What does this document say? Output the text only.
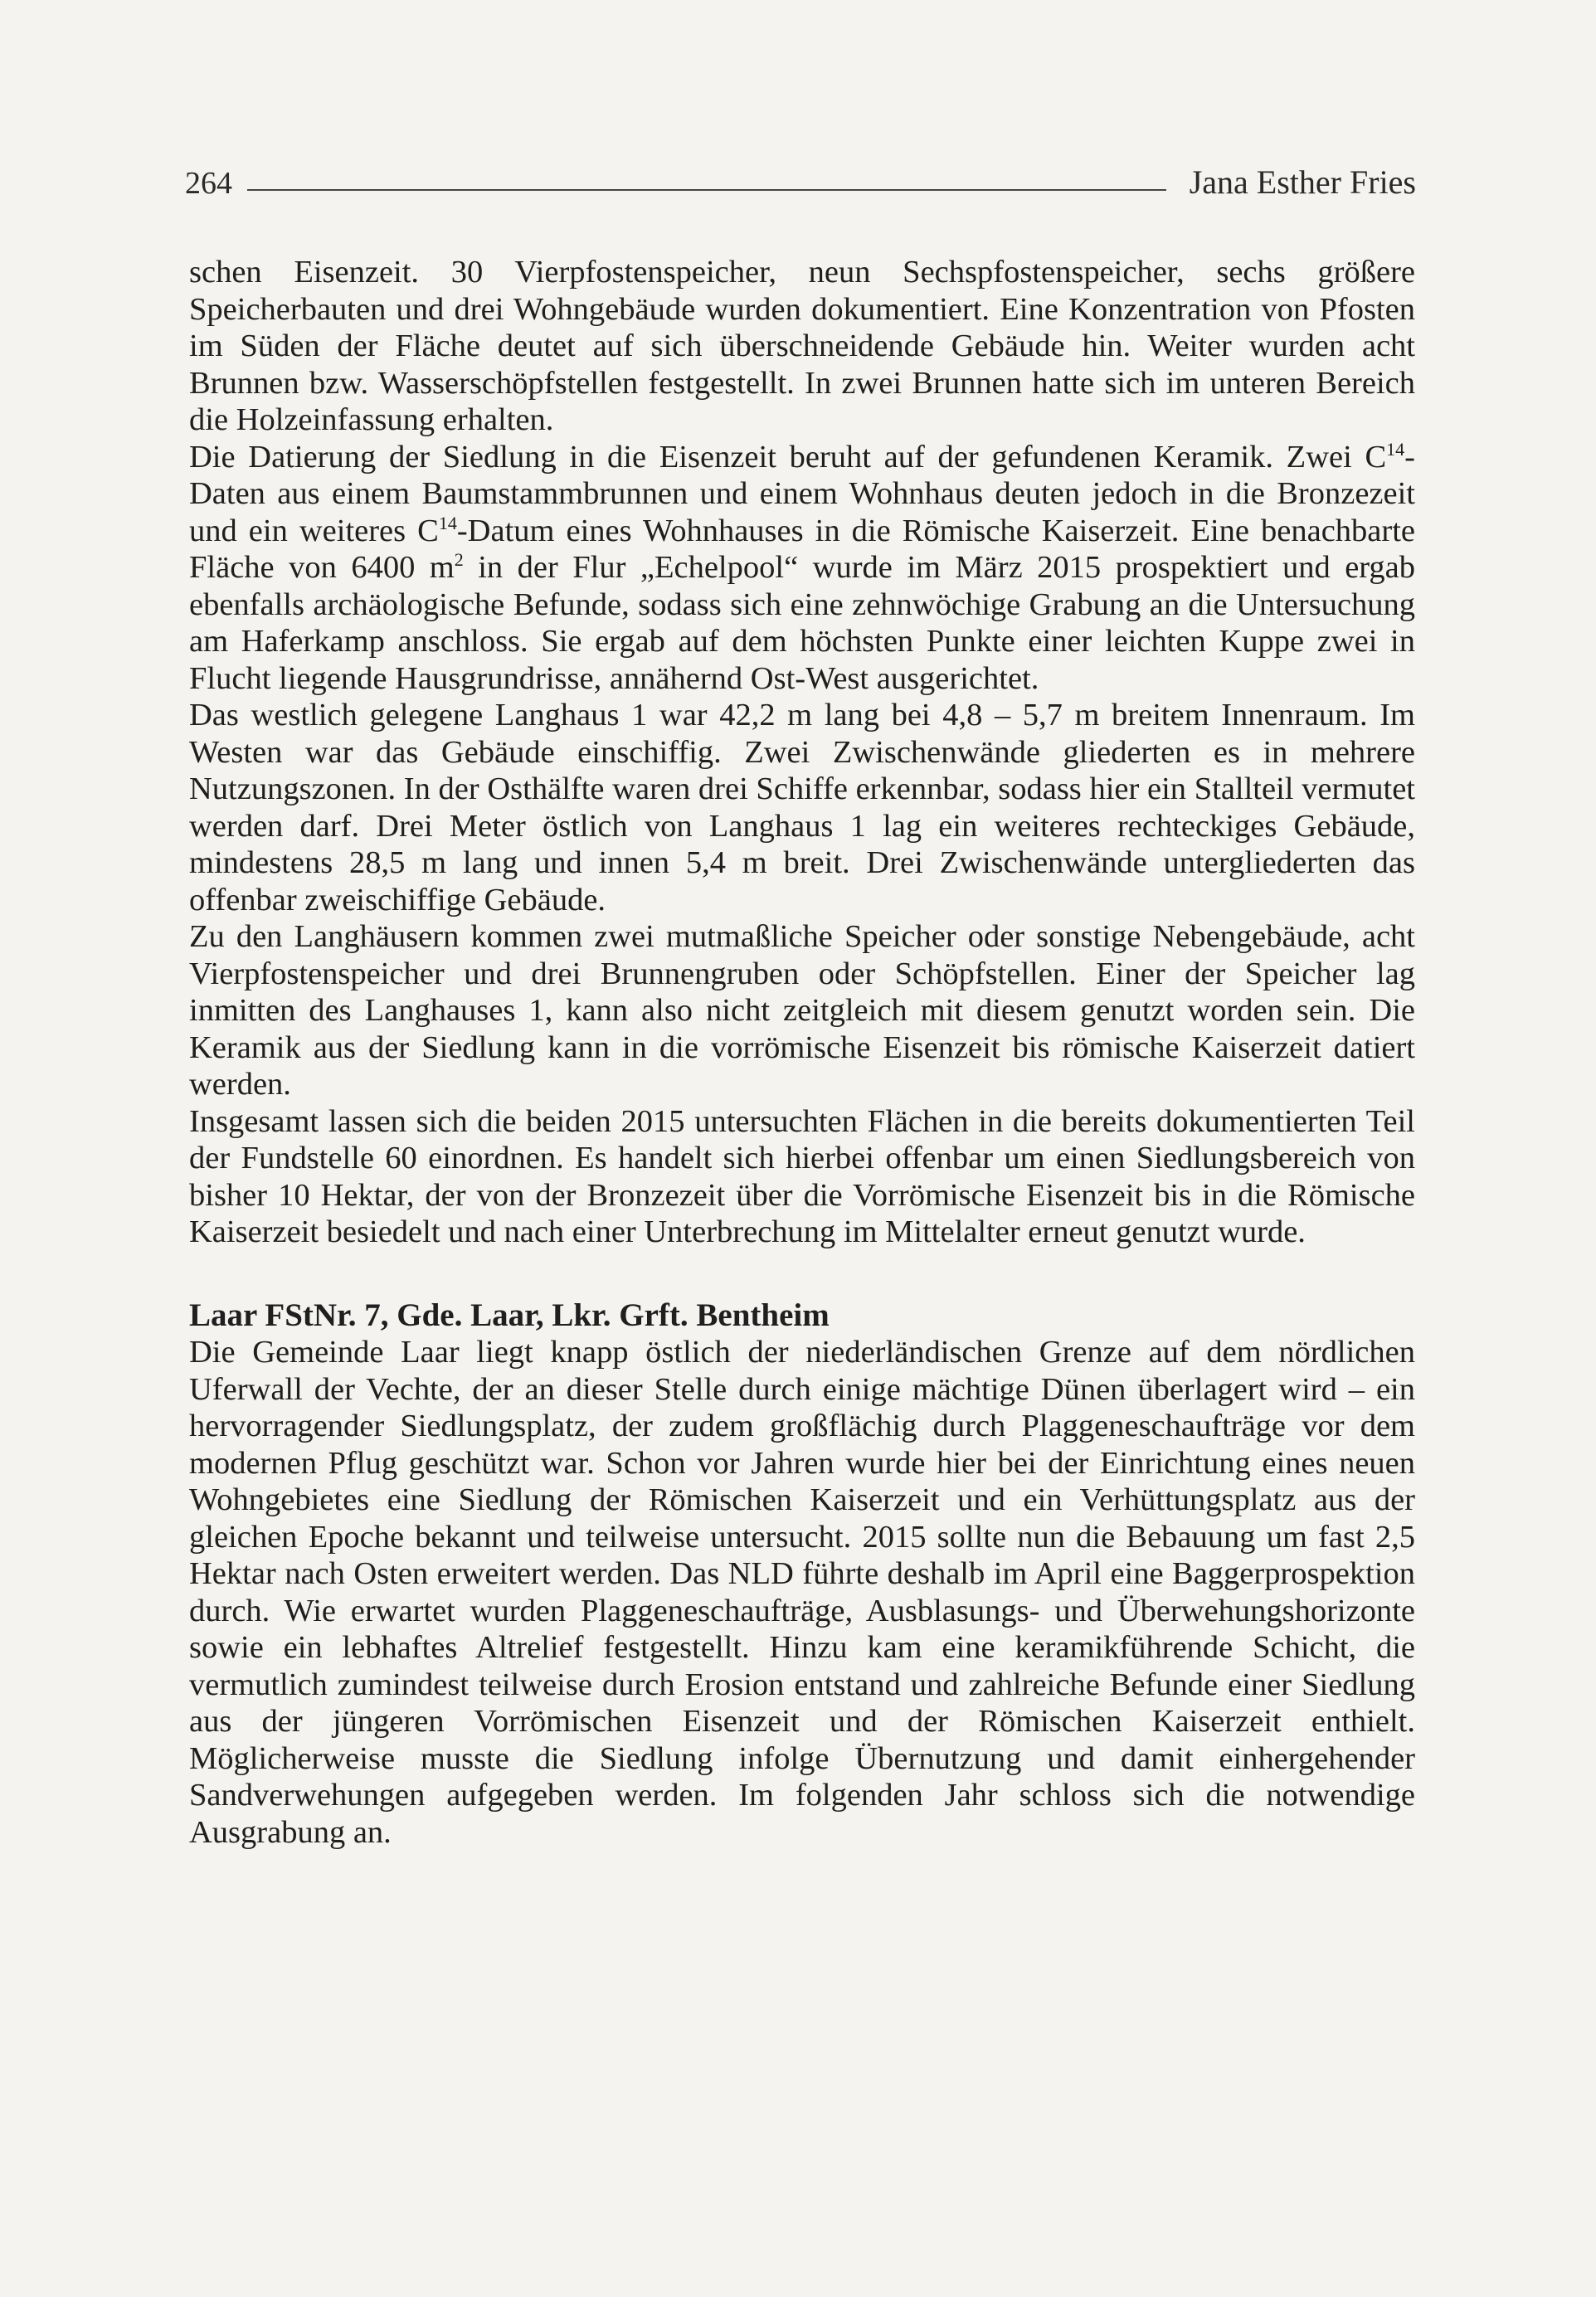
264	Jana Esther Fries

schen Eisenzeit. 30 Vierpfostenspeicher, neun Sechspfostenspeicher, sechs größere Speicherbauten und drei Wohngebäude wurden dokumentiert. Eine Konzentration von Pfosten im Süden der Fläche deutet auf sich überschneidende Gebäude hin. Weiter wurden acht Brunnen bzw. Wasserschöpfstellen festgestellt. In zwei Brunnen hatte sich im unteren Bereich die Holzeinfassung erhalten.

Die Datierung der Siedlung in die Eisenzeit beruht auf der gefundenen Keramik. Zwei $C^{14}$-Daten aus einem Baumstammbrunnen und einem Wohnhaus deuten jedoch in die Bronzezeit und ein weiteres $C^{14}$-Datum eines Wohnhauses in die Römische Kaiserzeit. Eine benachbarte Fläche von 6400 $m^2$ in der Flur „Echelpool“ wurde im März 2015 prospektiert und ergab ebenfalls archäologische Befunde, sodass sich eine zehnwöchige Grabung an die Untersuchung am Haferkamp anschloss. Sie ergab auf dem höchsten Punkte einer leichten Kuppe zwei in Flucht liegende Hausgrundrisse, annähernd Ost-West ausgerichtet.

Das westlich gelegene Langhaus 1 war 42,2 m lang bei 4,8 – 5,7 m breitem Innenraum. Im Westen war das Gebäude einschiffig. Zwei Zwischenwände gliederten es in mehrere Nutzungszonen. In der Osthälfte waren drei Schiffe erkennbar, sodass hier ein Stallteil vermutet werden darf. Drei Meter östlich von Langhaus 1 lag ein weiteres rechteckiges Gebäude, mindestens 28,5 m lang und innen 5,4 m breit. Drei Zwischenwände untergliederten das offenbar zweischiffige Gebäude.

Zu den Langhäusern kommen zwei mutmaßliche Speicher oder sonstige Nebengebäude, acht Vierpfostenspeicher und drei Brunnengruben oder Schöpfstellen. Einer der Speicher lag inmitten des Langhauses 1, kann also nicht zeitgleich mit diesem genutzt worden sein. Die Keramik aus der Siedlung kann in die vorrömische Eisenzeit bis römische Kaiserzeit datiert werden.

Insgesamt lassen sich die beiden 2015 untersuchten Flächen in die bereits dokumentierten Teil der Fundstelle 60 einordnen. Es handelt sich hierbei offenbar um einen Siedlungsbereich von bisher 10 Hektar, der von der Bronzezeit über die Vorrömische Eisenzeit bis in die Römische Kaiserzeit besiedelt und nach einer Unterbrechung im Mittelalter erneut genutzt wurde.

Laar FStNr. 7, Gde. Laar, Lkr. Grft. Bentheim

Die Gemeinde Laar liegt knapp östlich der niederländischen Grenze auf dem nördlichen Uferwall der Vechte, der an dieser Stelle durch einige mächtige Dünen überlagert wird – ein hervorragender Siedlungsplatz, der zudem großflächig durch Plaggeneschaufträge vor dem modernen Pflug geschützt war. Schon vor Jahren wurde hier bei der Einrichtung eines neuen Wohngebietes eine Siedlung der Römischen Kaiserzeit und ein Verhüttungsplatz aus der gleichen Epoche bekannt und teilweise untersucht. 2015 sollte nun die Bebauung um fast 2,5 Hektar nach Osten erweitert werden. Das NLD führte deshalb im April eine Baggerprospektion durch. Wie erwartet wurden Plaggeneschaufträge, Ausblasungs- und Überwehungshorizonte sowie ein lebhaftes Altrelief festgestellt. Hinzu kam eine keramikführende Schicht, die vermutlich zumindest teilweise durch Erosion entstand und zahlreiche Befunde einer Siedlung aus der jüngeren Vorrömischen Eisenzeit und der Römischen Kaiserzeit enthielt. Möglicherweise musste die Siedlung infolge Übernutzung und damit einhergehender Sandverwehungen aufgegeben werden. Im folgenden Jahr schloss sich die notwendige Ausgrabung an.
